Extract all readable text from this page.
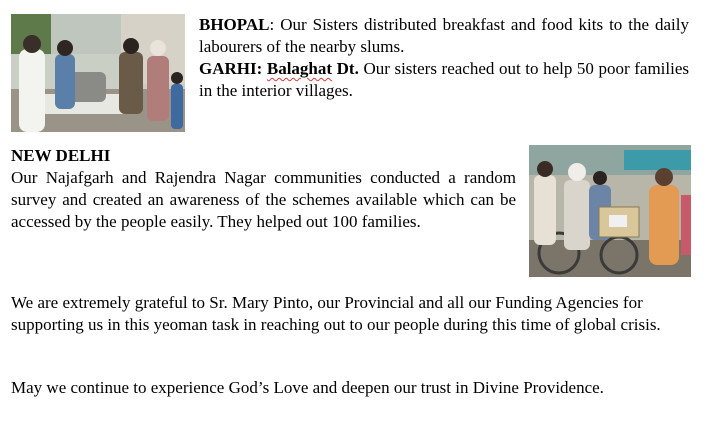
BHOPAL: Our Sisters distributed breakfast and food kits to the daily labourers of the nearby slums.

GARHI: Balaghat Dt. Our sisters reached out to help 50 poor families in the interior villages.

NEW DELHI

Our Najafgarh and Rajendra Nagar communities conducted a random survey and created an awareness of the schemes available which can be accessed by the people easily. They helped out 100 families.

We are extremely grateful to Sr. Mary Pinto, our Provincial and all our Funding Agencies for supporting us in this yeoman task in reaching out to our people during this time of global crisis.

May we continue to experience God’s Love and deepen our trust in Divine Providence.
